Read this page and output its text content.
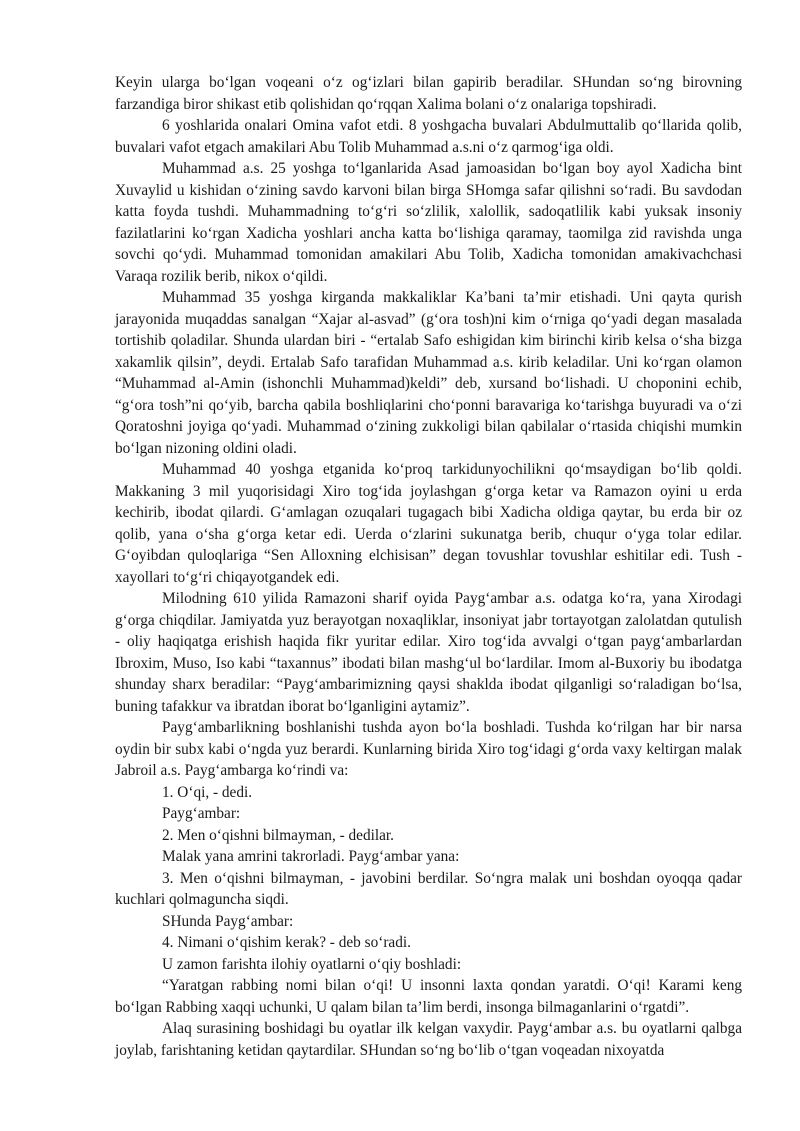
Keyin ularga bo‘lgan voqeani o‘z og‘izlari bilan gapirib beradilar. SHundan so‘ng birovning farzandiga biror shikast etib qolishidan qo‘rqqan Xalima bolani o‘z onalariga topshiradi.

6 yoshlarida onalari Omina vafot etdi. 8 yoshgacha buvalari Abdulmuttalib qo‘llarida qolib, buvalari vafot etgach amakilari Abu Tolib Muhammad a.s.ni o‘z qarmog‘iga oldi.

Muhammad a.s. 25 yoshga to‘lganlarida Asad jamoasidan bo‘lgan boy ayol Xadicha bint Xuvaylid u kishidan o‘zining savdo karvoni bilan birga SHomga safar qilishni so‘radi. Bu savdodan katta foyda tushdi. Muhammadning to‘g‘ri so‘zlilik, xalollik, sadoqatlilik kabi yuksak insoniy fazilatlarini ko‘rgan Xadicha yoshlari ancha katta bo‘lishiga qaramay, taomilga zid ravishda unga sovchi qo‘ydi. Muhammad tomonidan amakilari Abu Tolib, Xadicha tomonidan amakivachchasi Varaqa rozilik berib, nikox o‘qildi.

Muhammad 35 yoshga kirganda makkaliklar Ka’bani ta’mir etishadi. Uni qayta qurish jarayonida muqaddas sanalgan “Xajar al-asvad” (g‘ora tosh)ni kim o‘rniga qo‘yadi degan masalada tortishib qoladilar. Shunda ulardan biri - “ertalab Safo eshigidan kim birinchi kirib kelsa o‘sha bizga xakamlik qilsin”, deydi. Ertalab Safo tarafidan Muhammad a.s. kirib keladilar. Uni ko‘rgan olamon “Muhammad al-Amin (ishonchli Muhammad)keldi” deb, xursand bo‘lishadi. U choponini echib, “g‘ora tosh”ni qo‘yib, barcha qabila boshliqlarini cho‘ponni baravariga ko‘tarishga buyuradi va o‘zi Qoratoshni joyiga qo‘yadi. Muhammad o‘zining zukkoligi bilan qabilalar o‘rtasida chiqishi mumkin bo‘lgan nizoning oldini oladi.

Muhammad 40 yoshga etganida ko‘proq tarkidunyochilikni qo‘msaydigan bo‘lib qoldi. Makkaning 3 mil yuqorisidagi Xiro tog‘ida joylashgan g‘orga ketar va Ramazon oyini u erda kechirib, ibodat qilardi. G‘amlagan ozuqalari tugagach bibi Xadicha oldiga qaytar, bu erda bir oz qolib, yana o‘sha g‘orga ketar edi. Uerda o‘zlarini sukunatga berib, chuqur o‘yga tolar edilar. G‘oyibdan quloqlariga “Sen Alloxning elchisisan” degan tovushlar tovushlar eshitilar edi. Tush - xayollari to‘g‘ri chiqayotgandek edi.

Milodning 610 yilida Ramazoni sharif oyida Payg‘ambar a.s. odatga ko‘ra, yana Xirodagi g‘orga chiqdilar. Jamiyatda yuz berayotgan noxaqliklar, insoniyat jabr tortayotgan zalolatdan qutulish - oliy haqiqatga erishish haqida fikr yuritar edilar. Xiro tog‘ida avvalgi o‘tgan payg‘ambarlardan Ibroxim, Muso, Iso kabi “taxannus” ibodati bilan mashg‘ul bo‘lardilar. Imom al-Buxoriy bu ibodatga shunday sharx beradilar: “Payg‘ambarimizning qaysi shaklda ibodat qilganligi so‘raladigan bo‘lsa, buning tafakkur va ibratdan iborat bo‘lganligini aytamiz”.

Payg‘ambarlikning boshlanishi tushda ayon bo‘la boshladi. Tushda ko‘rilgan har bir narsa oydin bir subx kabi o‘ngda yuz berardi. Kunlarning birida Xiro tog‘idagi g‘orda vaxy keltirgan malak Jabroil a.s. Payg‘ambarga ko‘rindi va:

1. O‘qi, - dedi.

Payg‘ambar:

2. Men o‘qishni bilmayman, - dedilar.

Malak yana amrini takrorladi. Payg‘ambar yana:

3. Men o‘qishni bilmayman, - javobini berdilar. So‘ngra malak uni boshdan oyoqqa qadar kuchlari qolmaguncha siqdi.

SHunda Payg‘ambar:

4. Nimani o‘qishim kerak? - deb so‘radi.

U zamon farishta ilohiy oyatlarni o‘qiy boshladi:

“Yaratgan rabbing nomi bilan o‘qi! U insonni laxta qondan yaratdi. O‘qi! Karami keng bo‘lgan Rabbing xaqqi uchunki, U qalam bilan ta’lim berdi, insonga bilmaganlarini o‘rgatdi”.

Alaq surasining boshidagi bu oyatlar ilk kelgan vaxydir. Payg‘ambar a.s. bu oyatlarni qalbga joylab, farishtaning ketidan qaytardilar. SHundan so‘ng bo‘lib o‘tgan voqeadan nixoyatda
